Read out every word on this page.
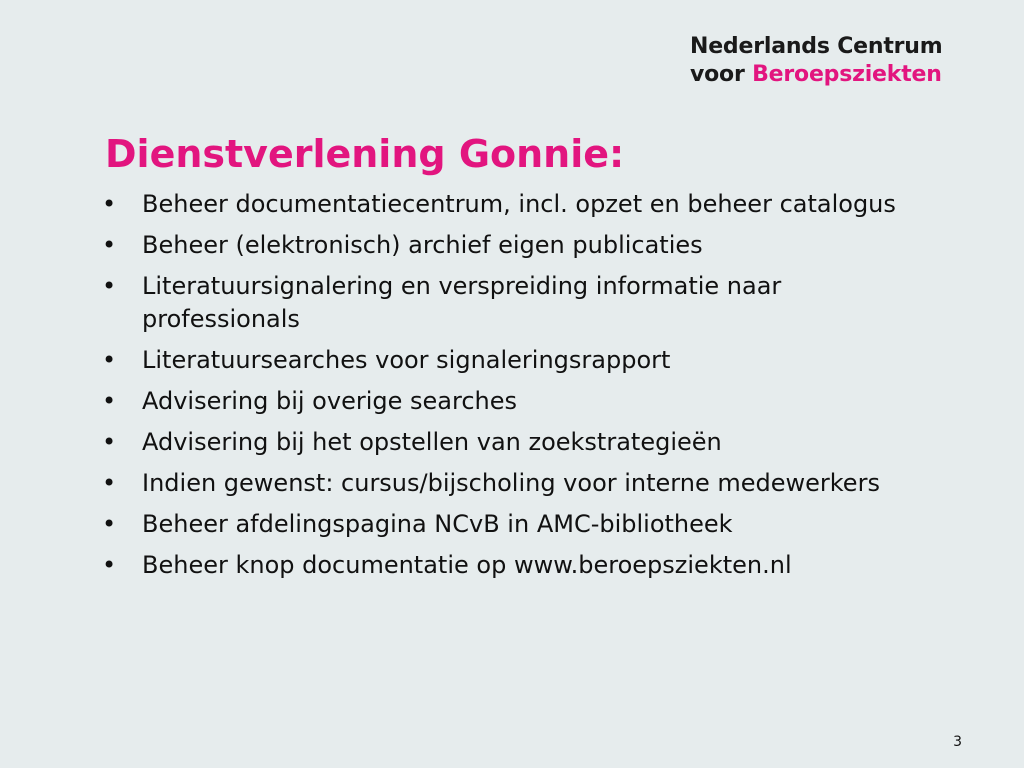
Nederlands Centrum
voor Beroepsziekten
Dienstverlening Gonnie:
•	Beheer documentatiecentrum, incl. opzet en beheer catalogus
•	Beheer (elektronisch) archief eigen publicaties
•	Literatuursignalering en verspreiding informatie naar professionals
•	Literatuursearches voor signaleringsrapport
•	Advisering bij overige searches
•	Advisering bij het opstellen van zoekstrategieën
•	Indien gewenst: cursus/bijscholing voor interne medewerkers
•	Beheer afdelingspagina NCvB in AMC-bibliotheek
•	Beheer knop documentatie op www.beroepsziekten.nl
3
